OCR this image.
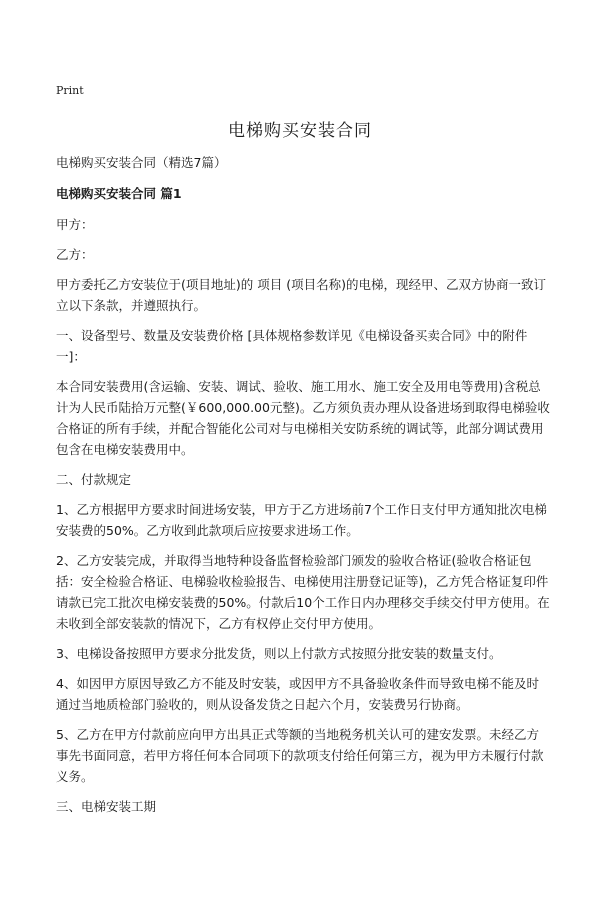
Print
电梯购买安装合同

电梯购买安装合同（精选7篇）

电梯购买安装合同 篇1

甲方：

乙方：

甲方委托乙方安装位于(项目地址)的 项目 (项目名称)的电梯，现经甲、乙双方协商一致订立以下条款，并遵照执行。

一、设备型号、数量及安装费价格 [具体规格参数详见《电梯设备买卖合同》中的附件一]：

本合同安装费用(含运输、安装、调试、验收、施工用水、施工安全及用电等费用)含税总计为人民币陆拾万元整(￥600,000.00元整)。乙方须负责办理从设备进场到取得电梯验收合格证的所有手续，并配合智能化公司对与电梯相关安防系统的调试等，此部分调试费用包含在电梯安装费用中。

二、付款规定

1、乙方根据甲方要求时间进场安装，甲方于乙方进场前7个工作日支付甲方通知批次电梯安装费的50%。乙方收到此款项后应按要求进场工作。

2、乙方安装完成，并取得当地特种设备监督检验部门颁发的验收合格证(验收合格证包括：安全检验合格证、电梯验收检验报告、电梯使用注册登记证等)，乙方凭合格证复印件请款已完工批次电梯安装费的50%。付款后10个工作日内办理移交手续交付甲方使用。在未收到全部安装款的情况下，乙方有权停止交付甲方使用。

3、电梯设备按照甲方要求分批发货，则以上付款方式按照分批安装的数量支付。

4、如因甲方原因导致乙方不能及时安装，或因甲方不具备验收条件而导致电梯不能及时通过当地质检部门验收的，则从设备发货之日起六个月，安装费另行协商。

5、乙方在甲方付款前应向甲方出具正式等额的当地税务机关认可的建安发票。未经乙方事先书面同意，若甲方将任何本合同项下的款项支付给任何第三方，视为甲方未履行付款义务。

三、电梯安装工期
